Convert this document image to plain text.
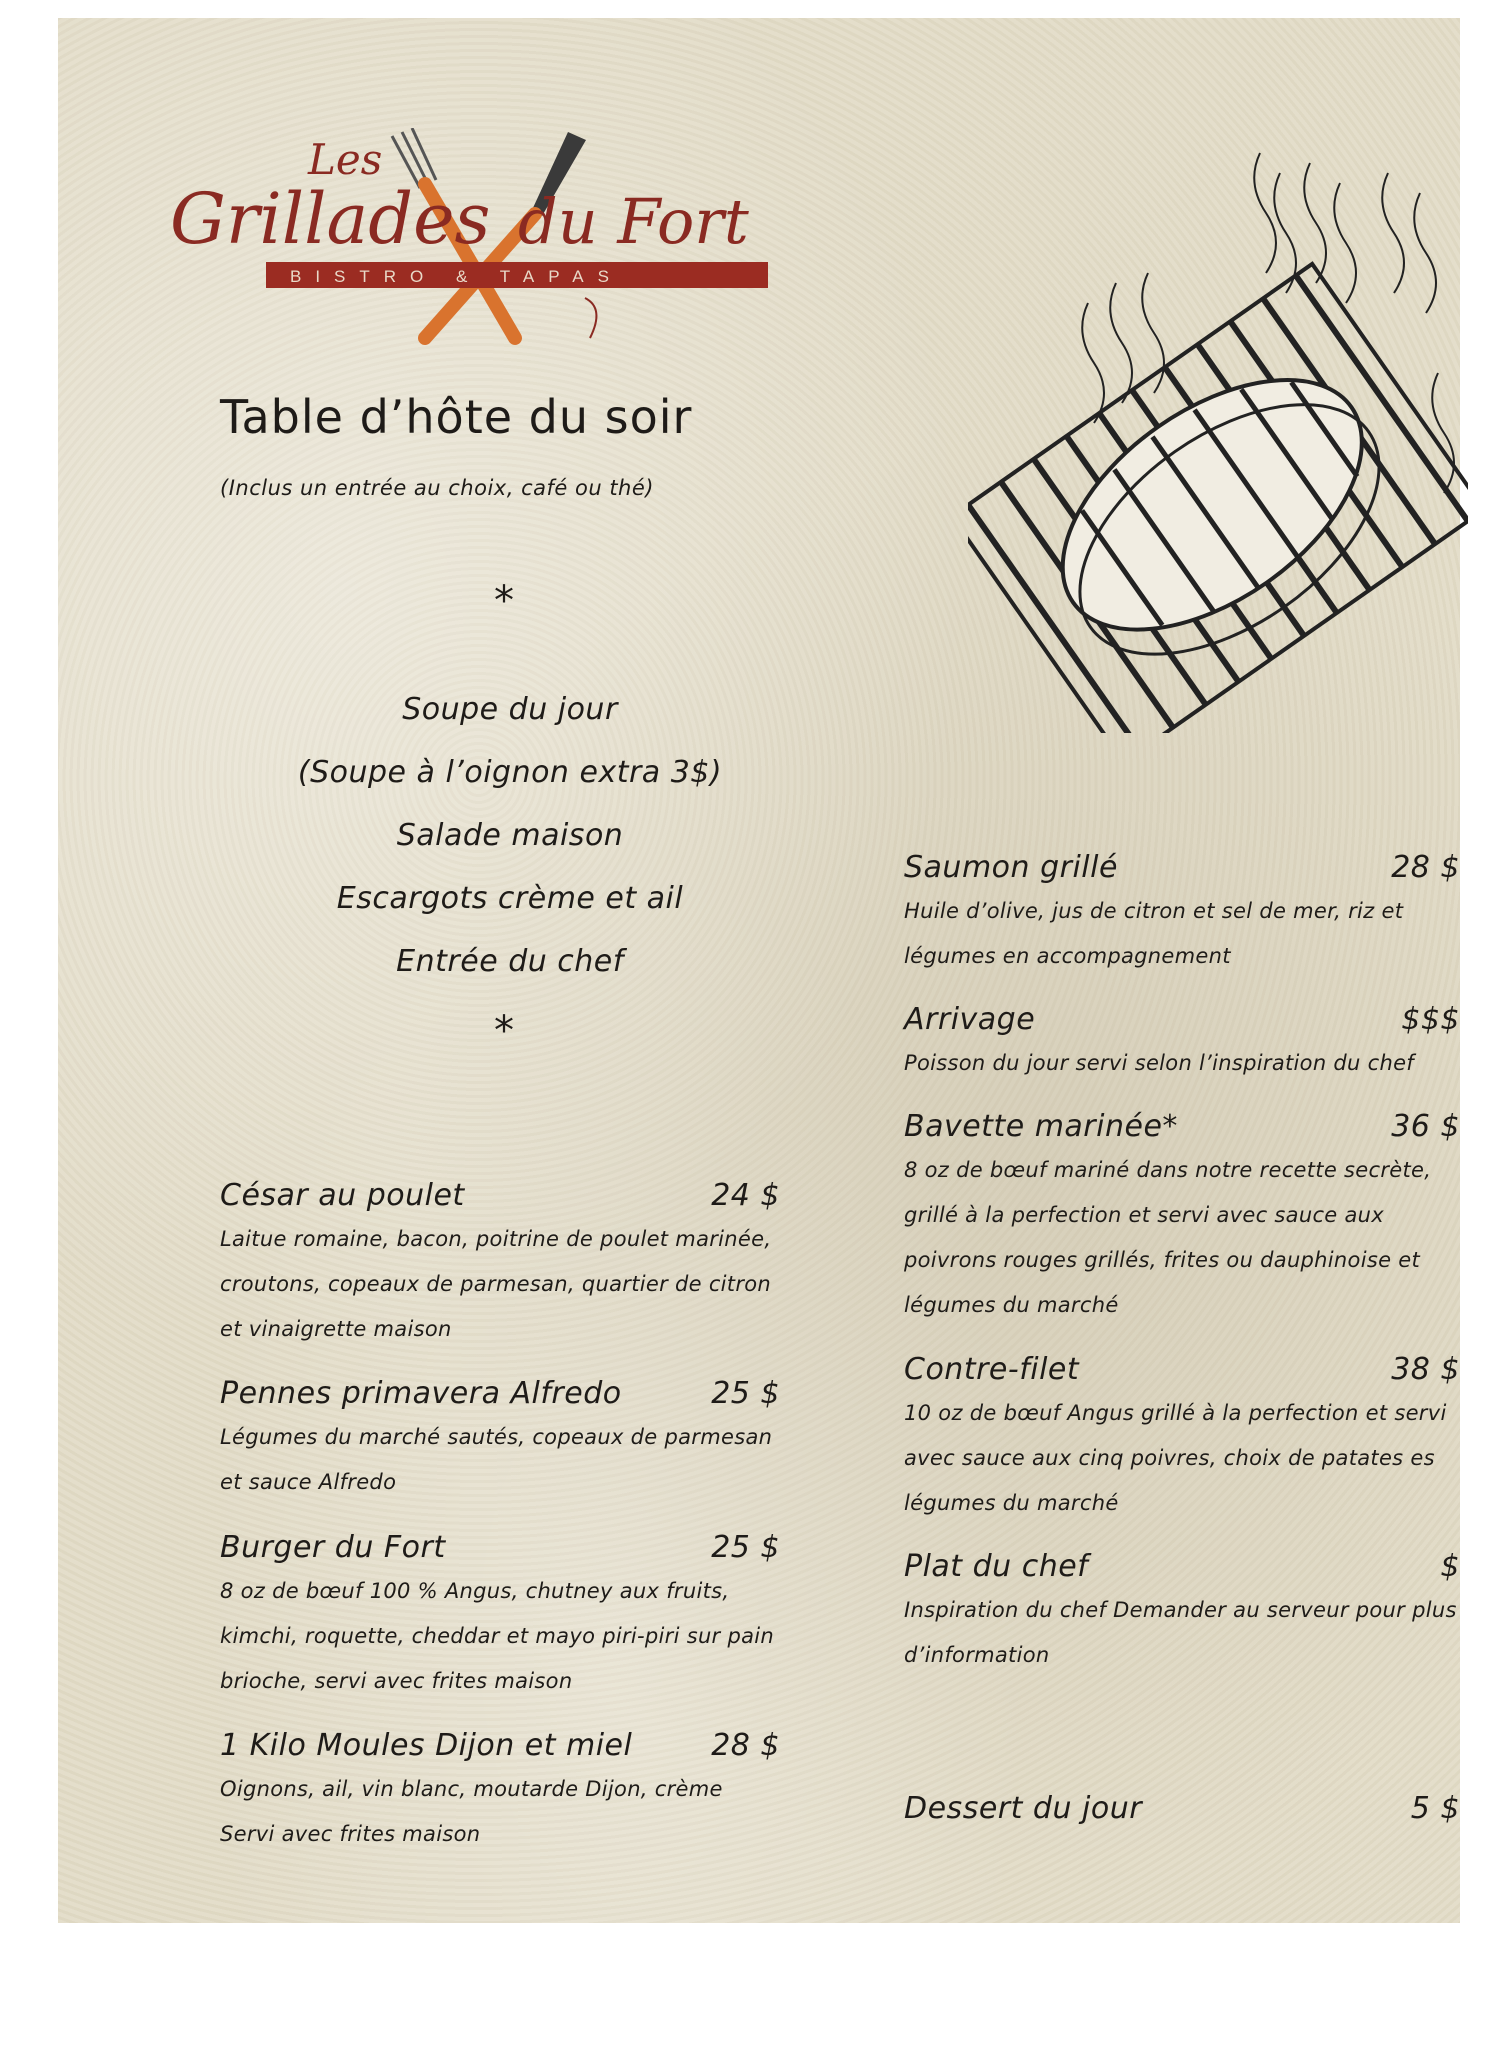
Les
Grillades du Fort
BISTRO & TAPAS
Table d’hôte du soir
(Inclus un entrée au choix, café ou thé)
*
Soupe du jour
(Soupe à l’oignon extra 3$)
Salade maison
Escargots crème et ail
Entrée du chef
*
César au poulet	24 $
Laitue romaine, bacon, poitrine de poulet marinée, croutons, copeaux de parmesan, quartier de citron et vinaigrette maison
Pennes primavera Alfredo	25 $
Légumes du marché sautés, copeaux de parmesan et sauce Alfredo
Burger du Fort	25 $
8 oz de bœuf 100 % Angus, chutney aux fruits, kimchi, roquette, cheddar et mayo piri-piri sur pain brioche, servi avec frites maison
1 Kilo Moules Dijon et miel	28 $
Oignons, ail, vin blanc, moutarde Dijon, crème Servi avec frites maison
Saumon grillé	28 $
Huile d’olive, jus de citron et sel de mer, riz et légumes en accompagnement
Arrivage	$$$
Poisson du jour servi selon l’inspiration du chef
Bavette marinée*	36 $
8 oz de bœuf mariné dans notre recette secrète, grillé à la perfection et servi avec sauce aux poivrons rouges grillés, frites ou dauphinoise et légumes du marché
Contre-filet	38 $
10 oz de bœuf Angus grillé à la perfection et servi avec sauce aux cinq poivres, choix de patates es légumes du marché
Plat du chef	$
Inspiration du chef Demander au serveur pour plus d’information
Dessert du jour	5 $
